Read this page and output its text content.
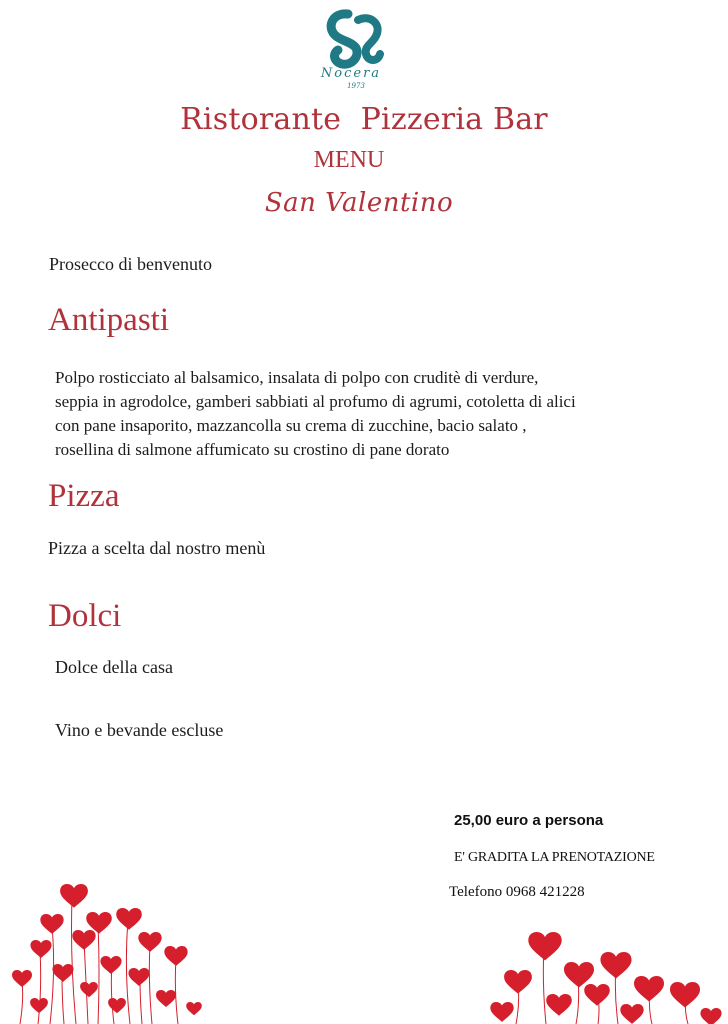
Nocera
1973
Ristorante  Pizzeria Bar
MENU
San Valentino
Prosecco di benvenuto
Antipasti
Polpo rosticciato al balsamico, insalata di polpo con cruditè di verdure,
seppia in agrodolce, gamberi sabbiati al profumo di agrumi, cotoletta di alici
con pane insaporito, mazzancolla su crema di zucchine, bacio salato ,
rosellina di salmone affumicato su crostino di pane dorato
Pizza
Pizza a scelta dal nostro menù
Dolci
Dolce della casa
Vino e bevande escluse
25,00 euro a persona
E' GRADITA LA PRENOTAZIONE
Telefono 0968 421228
